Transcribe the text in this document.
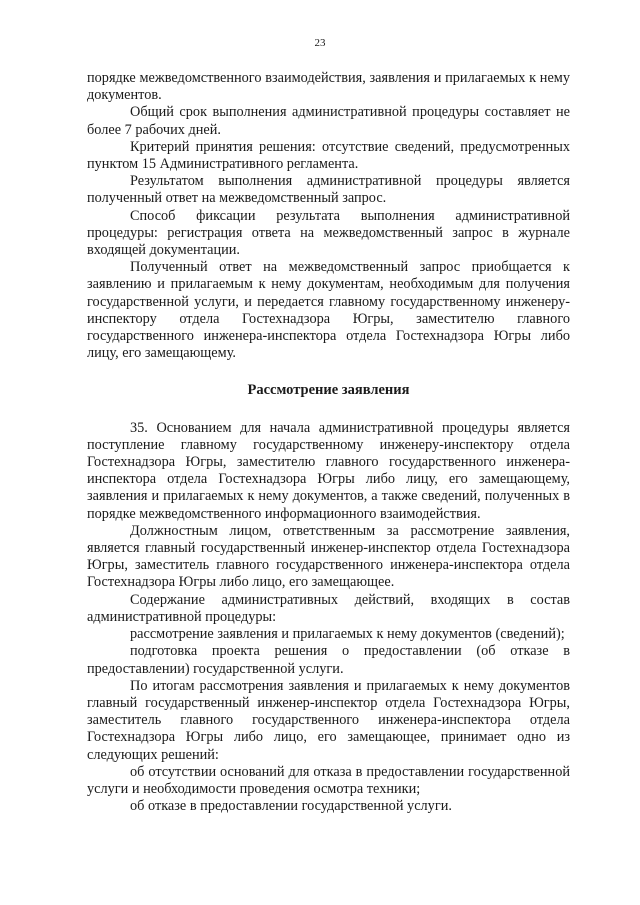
23

порядке межведомственного взаимодействия, заявления и прилагаемых к нему документов.

Общий срок выполнения административной процедуры составляет не более 7 рабочих дней.

Критерий принятия решения: отсутствие сведений, предусмотренных пунктом 15 Административного регламента.

Результатом выполнения административной процедуры является полученный ответ на межведомственный запрос.

Способ фиксации результата выполнения административной процедуры: регистрация ответа на межведомственный запрос в журнале входящей документации.

Полученный ответ на межведомственный запрос приобщается к заявлению и прилагаемым к нему документам, необходимым для получения государственной услуги, и передается главному государственному инженеру-инспектору отдела Гостехнадзора Югры, заместителю главного государственного инженера-инспектора отдела Гостехнадзора Югры либо лицу, его замещающему.

Рассмотрение заявления

35. Основанием для начала административной процедуры является поступление главному государственному инженеру-инспектору отдела Гостехнадзора Югры, заместителю главного государственного инженера-инспектора отдела Гостехнадзора Югры либо лицу, его замещающему, заявления и прилагаемых к нему документов, а также сведений, полученных в порядке межведомственного информационного взаимодействия.

Должностным лицом, ответственным за рассмотрение заявления, является главный государственный инженер-инспектор отдела Гостехнадзора Югры, заместитель главного государственного инженера-инспектора отдела Гостехнадзора Югры либо лицо, его замещающее.

Содержание административных действий, входящих в состав административной процедуры:

рассмотрение заявления и прилагаемых к нему документов (сведений);

подготовка проекта решения о предоставлении (об отказе в предоставлении) государственной услуги.

По итогам рассмотрения заявления и прилагаемых к нему документов главный государственный инженер-инспектор отдела Гостехнадзора Югры, заместитель главного государственного инженера-инспектора отдела Гостехнадзора Югры либо лицо, его замещающее, принимает одно из следующих решений:

об отсутствии оснований для отказа в предоставлении государственной услуги и необходимости проведения осмотра техники;

об отказе в предоставлении государственной услуги.
